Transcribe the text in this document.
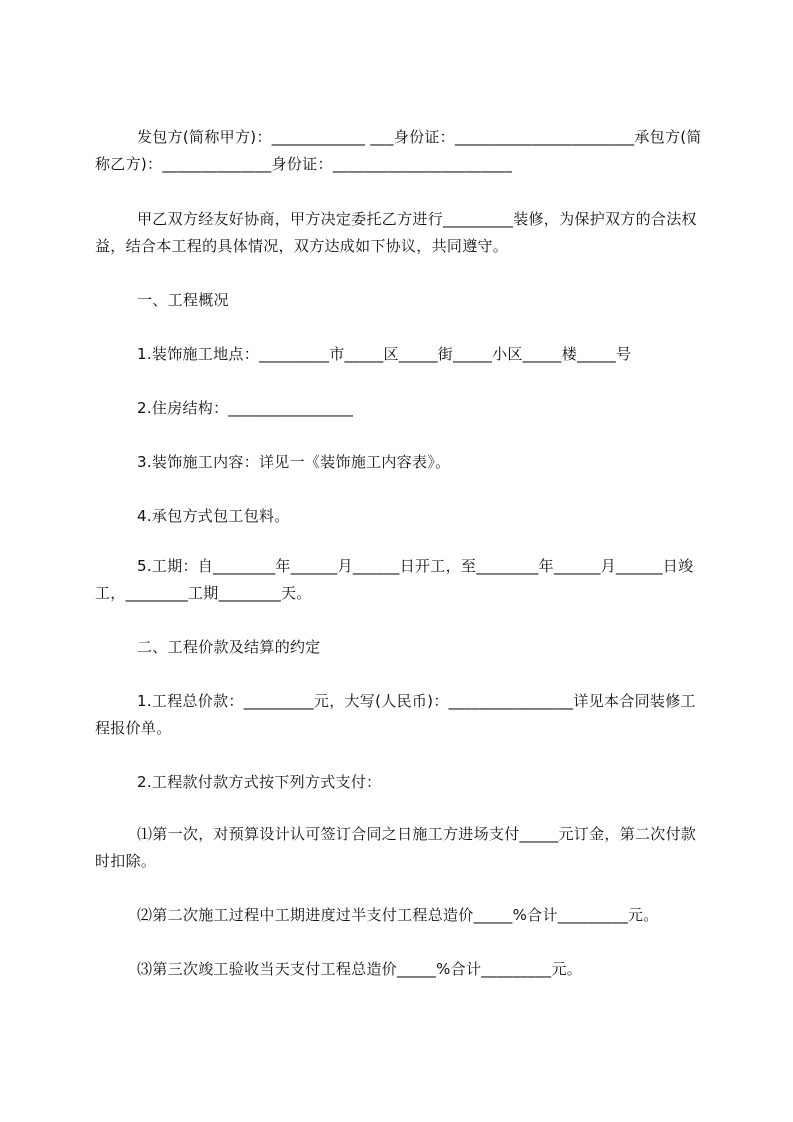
发包方(简称甲方)：____________ ___身份证：_______________________承包方(简称乙方)：______________身份证：_______________________

甲乙双方经友好协商，甲方决定委托乙方进行_________装修，为保护双方的合法权益，结合本工程的具体情况，双方达成如下协议，共同遵守。

一、工程概况

1.装饰施工地点：_________市_____区_____街_____小区_____楼_____号

2.住房结构：________________

3.装饰施工内容：详见一《装饰施工内容表》。

4.承包方式包工包料。

5.工期：自________年______月______日开工，至________年______月______日竣工，________工期________天。

二、工程价款及结算的约定

1.工程总价款：_________元，大写(人民币)：________________详见本合同装修工程报价单。

2.工程款付款方式按下列方式支付：

⑴第一次，对预算设计认可签订合同之日施工方进场支付_____元订金，第二次付款时扣除。

⑵第二次施工过程中工期进度过半支付工程总造价_____%合计_________元。

⑶第三次竣工验收当天支付工程总造价_____%合计_________元。
